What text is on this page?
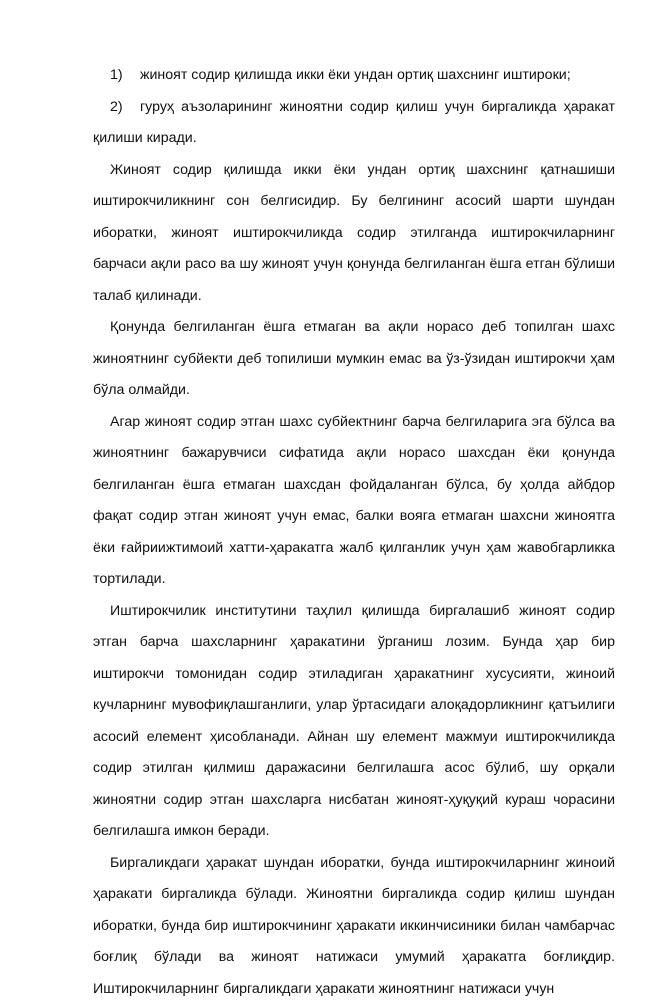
1)	жиноят содир қилишда икки ёки ундан ортиқ шахснинг иштироки;
2) гуруҳ аъзоларининг жиноятни содир қилиш учун биргаликда ҳаракат қилиши киради.

Жиноят содир қилишда икки ёки ундан ортиқ шахснинг қатнашиши иштирокчиликнинг сон белгисидир. Бу белгининг асосий шарти шундан иборатки, жиноят иштирокчиликда содир этилганда иштирокчиларнинг барчаси ақли расо ва шу жиноят учун қонунда белгиланган ёшга етган бўлиши талаб қилинади.

Қонунда белгиланган ёшга етмаган ва ақли норасо деб топилган шахс жиноятнинг субйекти деб топилиши мумкин емас ва ўз-ўзидан иштирокчи ҳам бўла олмайди.

Агар жиноят содир этган шахс субйектнинг барча белгиларига эга бўлса ва жиноятнинг бажарувчиси сифатида ақли норасо шахсдан ёки қонунда белгиланган ёшга етмаган шахсдан фойдаланган бўлса, бу ҳолда айбдор фақат содир этган жиноят учун емас, балки вояга етмаган шахсни жиноятга ёки ғайриижтимоий хатти-ҳаракатга жалб қилганлик учун ҳам жавобгарликка тортилади.

Иштирокчилик институтини таҳлил қилишда биргалашиб жиноят содир этган барча шахсларнинг ҳаракатини ўрганиш лозим. Бунда ҳар бир иштирокчи томонидан содир этиладиган ҳаракатнинг хусусияти, жиноий кучларнинг мувофиқлашганлиги, улар ўртасидаги алоқадорликнинг қатъилиги асосий елемент ҳисобланади. Айнан шу елемент мажмуи иштирокчиликда содир этилган қилмиш даражасини белгилашга асос бўлиб, шу орқали жиноятни содир этган шахсларга нисбатан жиноят-ҳуқуқий кураш чорасини белгилашга имкон беради.

Биргаликдаги ҳаракат шундан иборатки, бунда иштирокчиларнинг жиноий ҳаракати биргаликда бўлади. Жиноятни биргаликда содир қилиш шундан иборатки, бунда бир иштирокчининг ҳаракати иккинчисиники билан чамбарчас боғлиқ бўлади ва жиноят натижаси умумий ҳаракатга боғлиқдир. Иштирокчиларнинг биргаликдаги ҳаракати жиноятнинг натижаси учун
